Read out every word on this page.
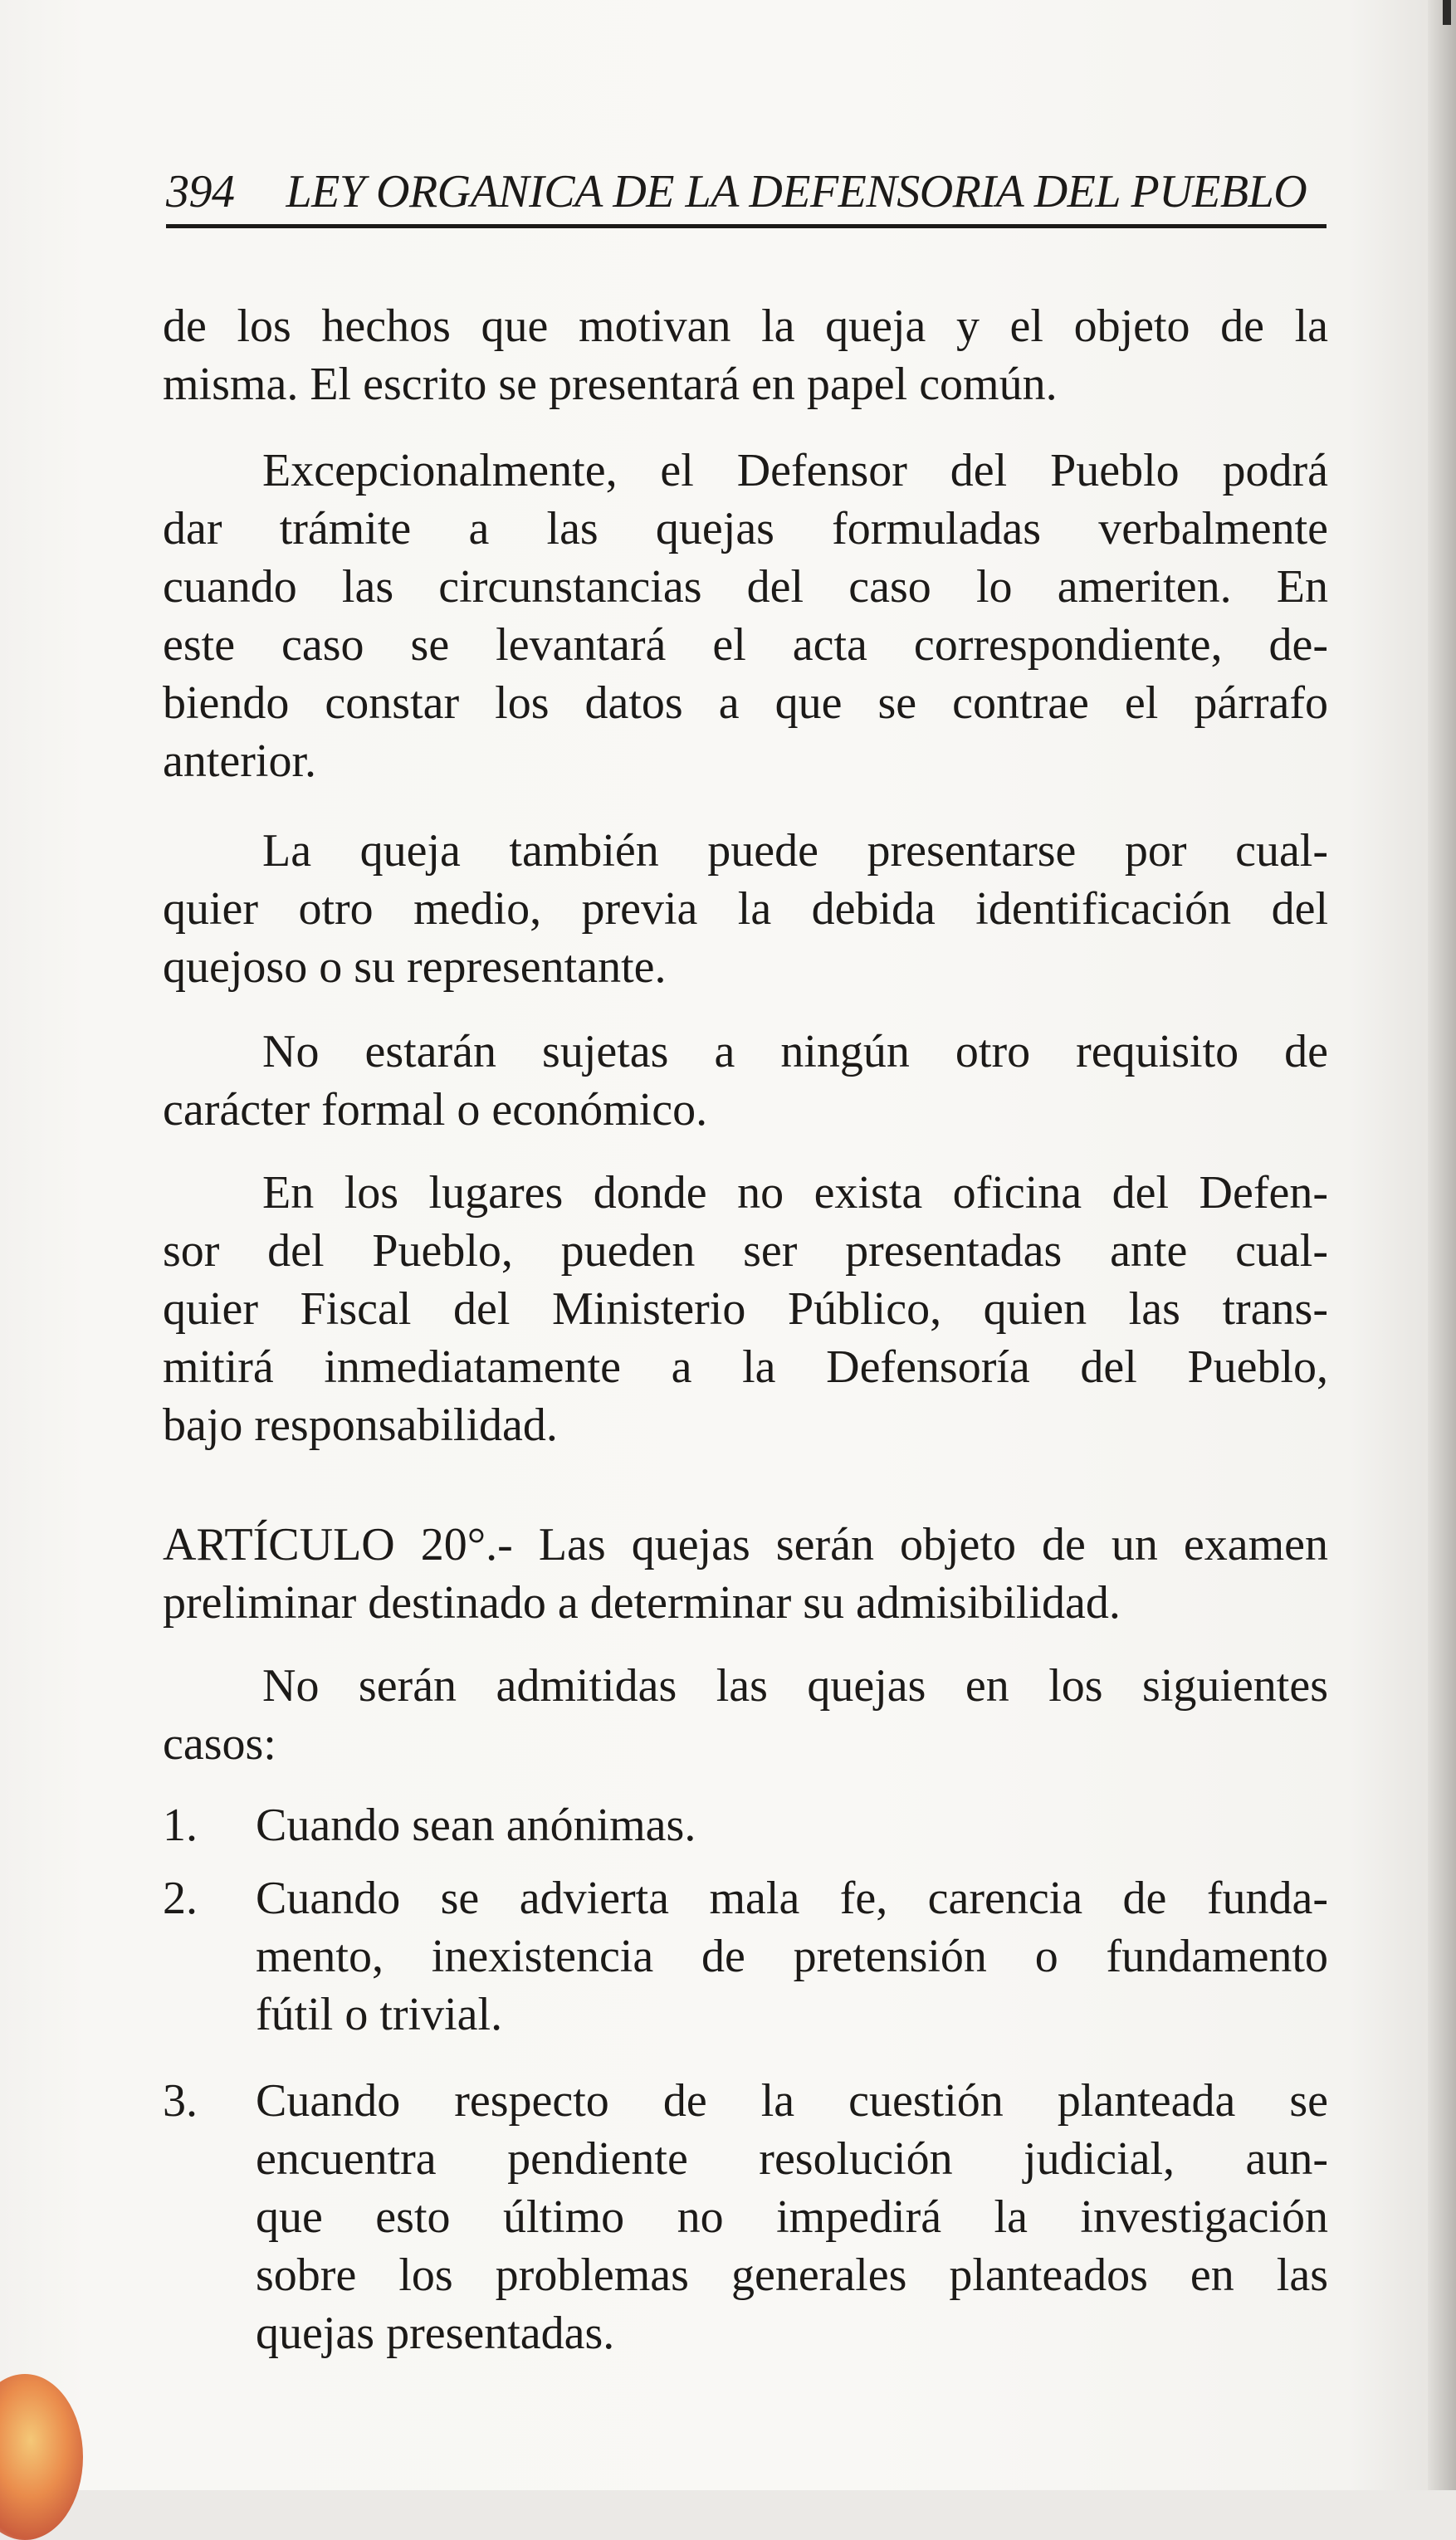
394 LEY ORGANICA DE LA DEFENSORIA DEL PUEBLO
de los hechos que motivan la queja y el objeto de la
misma. El escrito se presentará en papel común.
Excepcionalmente, el Defensor del Pueblo podrá
dar trámite a las quejas formuladas verbalmente
cuando las circunstancias del caso lo ameriten. En
este caso se levantará el acta correspondiente, de-
biendo constar los datos a que se contrae el párrafo
anterior.
La queja también puede presentarse por cual-
quier otro medio, previa la debida identificación del
quejoso o su representante.
No estarán sujetas a ningún otro requisito de
carácter formal o económico.
En los lugares donde no exista oficina del Defen-
sor del Pueblo, pueden ser presentadas ante cual-
quier Fiscal del Ministerio Público, quien las trans-
mitirá inmediatamente a la Defensoría del Pueblo,
bajo responsabilidad.
ARTÍCULO 20°.- Las quejas serán objeto de un examen
preliminar destinado a determinar su admisibilidad.
No serán admitidas las quejas en los siguientes
casos:
1.	Cuando sean anónimas.
2.	Cuando se advierta mala fe, carencia de funda-
mento, inexistencia de pretensión o fundamento
fútil o trivial.
3.	Cuando respecto de la cuestión planteada se
encuentra pendiente resolución judicial, aun-
que esto último no impedirá la investigación
sobre los problemas generales planteados en las
quejas presentadas.
